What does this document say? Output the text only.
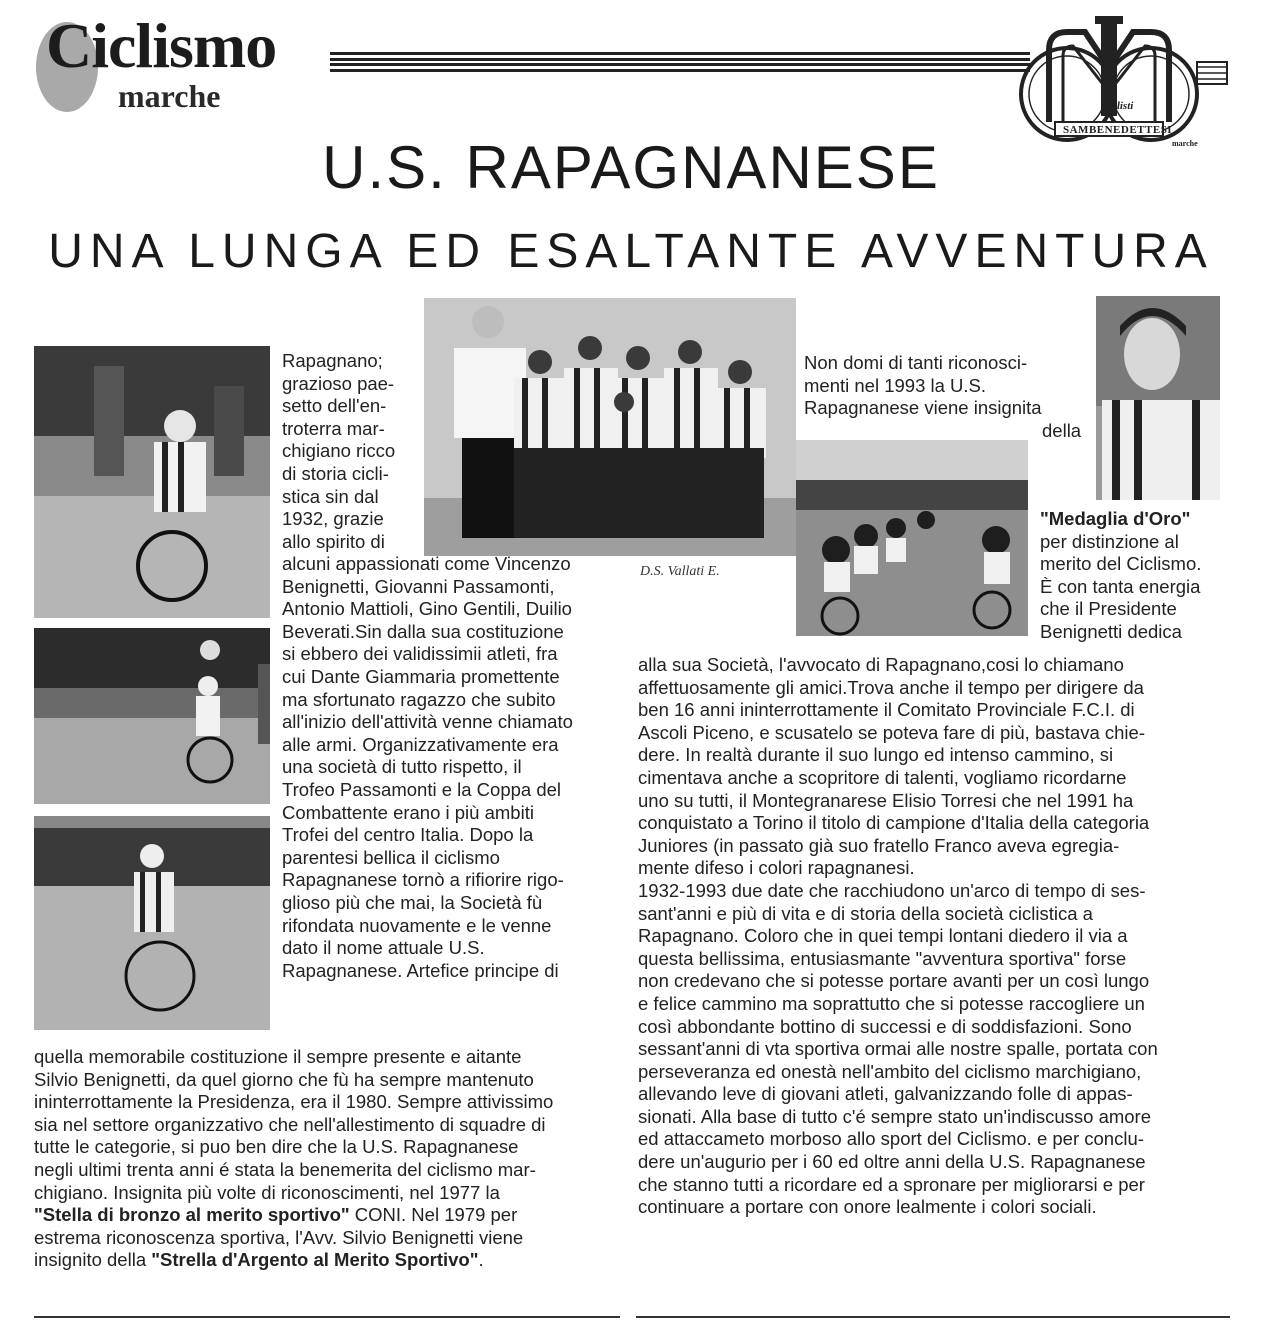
Ciclismo
marche	ciclisti
SAMBENEDETTESI
marche
U.S. RAPAGNANESE
UNA LUNGA ED ESALTANTE AVVENTURA
D.S. Vallati E.
Rapagnano;
grazioso pae-
setto dell'en-
troterra mar-
chigiano ricco
di storia cicli-
stica sin dal
1932, grazie
allo spirito di
alcuni appassionati come Vincenzo
Benignetti, Giovanni Passamonti,
Antonio Mattioli, Gino Gentili, Duilio
Beverati.Sin dalla sua costituzione
si ebbero dei validissimii atleti, fra
cui Dante Giammaria promettente
ma sfortunato ragazzo che subito
all'inizio dell'attività venne chiamato
alle armi. Organizzativamente era
una società di tutto rispetto, il
Trofeo Passamonti e la Coppa del
Combattente erano i più ambiti
Trofei del centro Italia. Dopo la
parentesi bellica il ciclismo
Rapagnanese tornò a rifiorire rigo-
glioso più che mai, la Società fù
rifondata nuovamente e le venne
dato il nome attuale U.S.
Rapagnanese. Artefice principe di
quella memorabile costituzione il sempre presente e aitante
Silvio Benignetti, da quel giorno che fù ha sempre mantenuto
ininterrottamente la Presidenza, era il 1980. Sempre attivissimo
sia nel settore organizzativo che nell'allestimento di squadre di
tutte le categorie, si puo ben dire che la U.S. Rapagnanese
negli ultimi trenta anni é stata la benemerita del ciclismo mar-
chigiano. Insignita più volte di riconoscimenti, nel 1977 la
"Stella di bronzo al merito sportivo" CONI. Nel 1979 per
estrema riconoscenza sportiva, l'Avv. Silvio Benignetti viene
insignito della "Strella d'Argento al Merito Sportivo".
Non domi di tanti riconosci-
menti nel 1993 la U.S.
Rapagnanese viene insignita
della
"Medaglia d'Oro"
per distinzione al
merito del Ciclismo.
È con tanta energia
che il Presidente
Benignetti dedica
alla sua Società, l'avvocato di Rapagnano,cosi lo chiamano
affettuosamente gli amici.Trova anche il tempo per dirigere da
ben 16 anni ininterrottamente il Comitato Provinciale F.C.I. di
Ascoli Piceno, e scusatelo se poteva fare di più, bastava chie-
dere. In realtà durante il suo lungo ed intenso cammino, si
cimentava anche a scopritore di talenti, vogliamo ricordarne
uno su tutti, il Montegranarese Elisio Torresi che nel 1991 ha
conquistato a Torino il titolo di campione d'Italia della categoria
Juniores (in passato già suo fratello Franco aveva egregia-
mente difeso i colori rapagnanesi.
1932-1993 due date che racchiudono un'arco di tempo di ses-
sant'anni e più di vita e di storia della società ciclistica a
Rapagnano. Coloro che in quei tempi lontani diedero il via a
questa bellissima, entusiasmante "avventura sportiva" forse
non credevano che si potesse portare avanti per un così lungo
e felice cammino ma soprattutto che si potesse raccogliere un
così abbondante bottino di successi e di soddisfazioni. Sono
sessant'anni di vta sportiva ormai alle nostre spalle, portata con
perseveranza ed onestà nell'ambito del ciclismo marchigiano,
allevando leve di giovani atleti, galvanizzando folle di appas-
sionati. Alla base di tutto c'é sempre stato un'indiscusso amore
ed attaccameto morboso allo sport del Ciclismo. e per conclu-
dere un'augurio per i 60 ed oltre anni della U.S. Rapagnanese
che stanno tutti a ricordare ed a spronare per migliorarsi e per
continuare a portare con onore lealmente i colori sociali.
